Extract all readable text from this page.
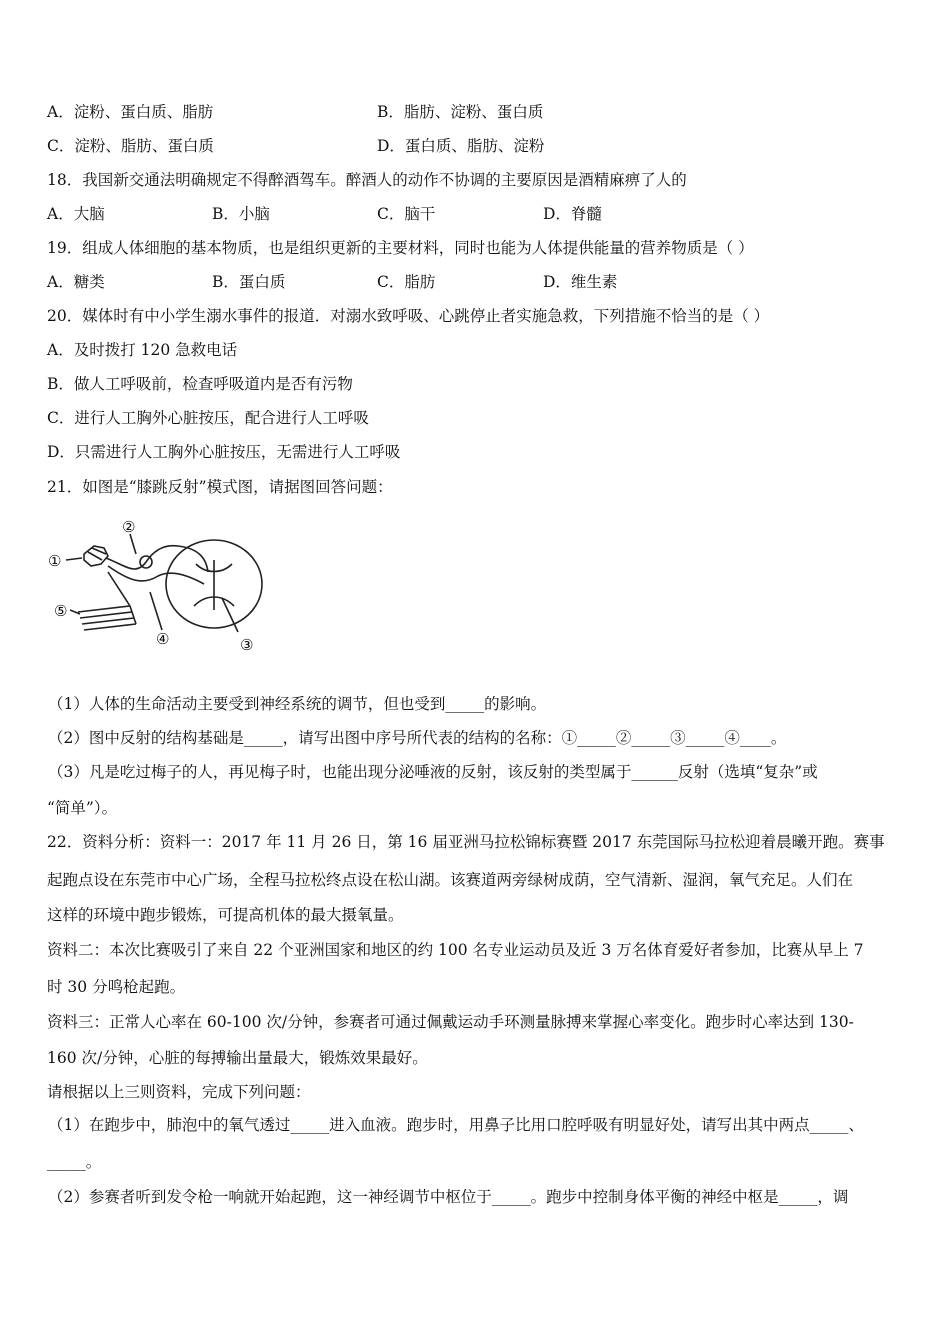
A．淀粉、蛋白质、脂肪	B．脂肪、淀粉、蛋白质
C．淀粉、脂肪、蛋白质	D．蛋白质、脂肪、淀粉
18．我国新交通法明确规定不得醉酒驾车。醉酒人的动作不协调的主要原因是酒精麻痹了人的
A．大脑	B．小脑	C．脑干	D．脊髓
19．组成人体细胞的基本物质，也是组织更新的主要材料，同时也能为人体提供能量的营养物质是（ ）
A．糖类	B．蛋白质	C．脂肪	D．维生素
20．媒体时有中小学生溺水事件的报道．对溺水致呼吸、心跳停止者实施急救，下列措施不恰当的是（ ）
A．及时拨打 120 急救电话
B．做人工呼吸前，检查呼吸道内是否有污物
C．进行人工胸外心脏按压，配合进行人工呼吸
D．只需进行人工胸外心脏按压，无需进行人工呼吸
21．如图是“膝跳反射”模式图，请据图回答问题：
①
②
③
④
⑤
（1）人体的生命活动主要受到神经系统的调节，但也受到_____的影响。
（2）图中反射的结构基础是_____，请写出图中序号所代表的结构的名称：①_____②_____③_____④____。
（3）凡是吃过梅子的人，再见梅子时，也能出现分泌唾液的反射，该反射的类型属于______反射（选填“复杂”或
“简单”）。
22．资料分析：资料一：2017 年 11 月 26 日，第 16 届亚洲马拉松锦标赛暨 2017 东莞国际马拉松迎着晨曦开跑。赛事
起跑点设在东莞市中心广场，全程马拉松终点设在松山湖。该赛道两旁绿树成荫，空气清新、湿润，氧气充足。人们在
这样的环境中跑步锻炼，可提高机体的最大摄氧量。
资料二：本次比赛吸引了来自 22 个亚洲国家和地区的约 100 名专业运动员及近 3 万名体育爱好者参加，比赛从早上 7
时 30 分鸣枪起跑。
资料三：正常人心率在 60-100 次/分钟，参赛者可通过佩戴运动手环测量脉搏来掌握心率变化。跑步时心率达到 130-
160 次/分钟，心脏的每搏输出量最大，锻炼效果最好。
请根据以上三则资料，完成下列问题：
（1）在跑步中，肺泡中的氧气透过_____进入血液。跑步时，用鼻子比用口腔呼吸有明显好处，请写出其中两点_____、
_____。
（2）参赛者听到发令枪一响就开始起跑，这一神经调节中枢位于_____。跑步中控制身体平衡的神经中枢是_____，调
